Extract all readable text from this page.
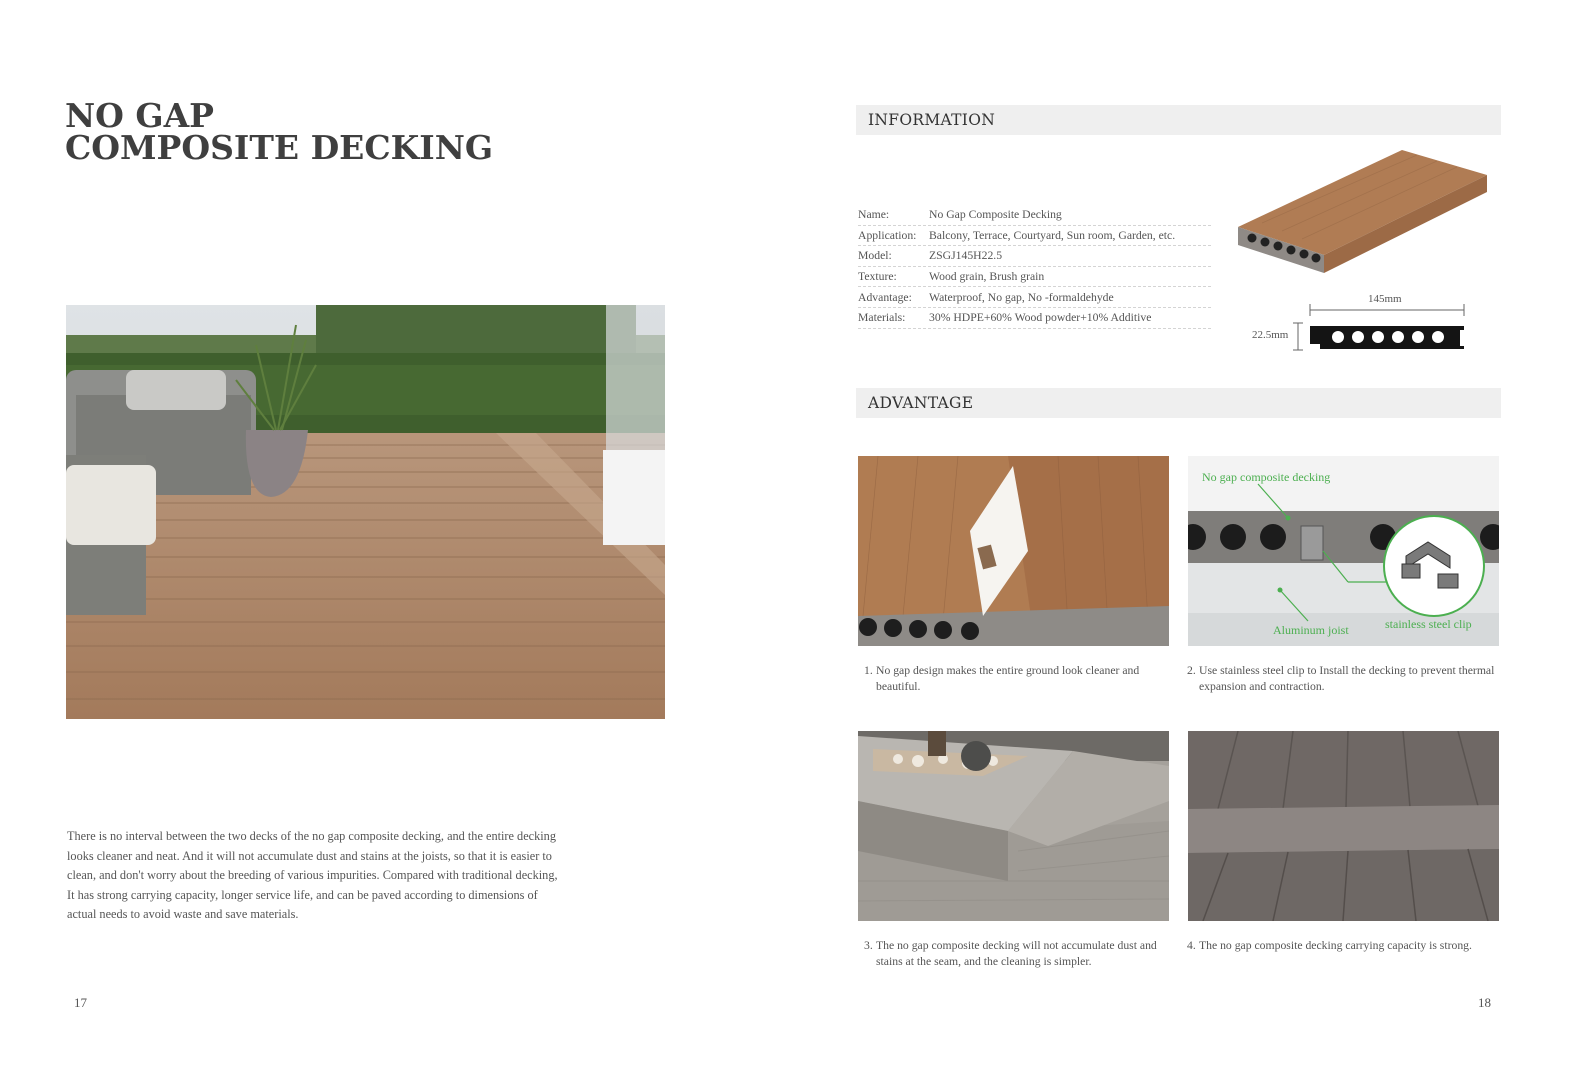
NO GAP
COMPOSITE DECKING
There is no interval between the two decks of the no gap composite decking, and the entire decking
looks cleaner and neat. And it will not accumulate dust and stains at the joists, so that it is easier to
clean, and don't worry about the breeding of various impurities. Compared with traditional decking,
It has strong carrying capacity, longer service life, and can be paved according to dimensions of
actual needs to avoid waste and save materials.
17
INFORMATION
Name:	No Gap Composite Decking
Application:	Balcony, Terrace, Courtyard, Sun room, Garden, etc.
Model:	ZSGJ145H22.5
Texture:	Wood grain, Brush grain
Advantage:	Waterproof, No gap, No -formaldehyde
Materials:	30% HDPE+60% Wood powder+10% Additive
145mm
22.5mm
ADVANTAGE
No gap composite decking
Aluminum joist	stainless steel clip
1. No gap design makes the entire ground look cleaner and beautiful.
2. Use stainless steel clip to Install the decking to prevent thermal expansion and contraction.
3. The no gap composite decking will not accumulate dust and stains at the seam, and the cleaning is simpler.
4. The no gap composite decking carrying capacity is strong.
18
